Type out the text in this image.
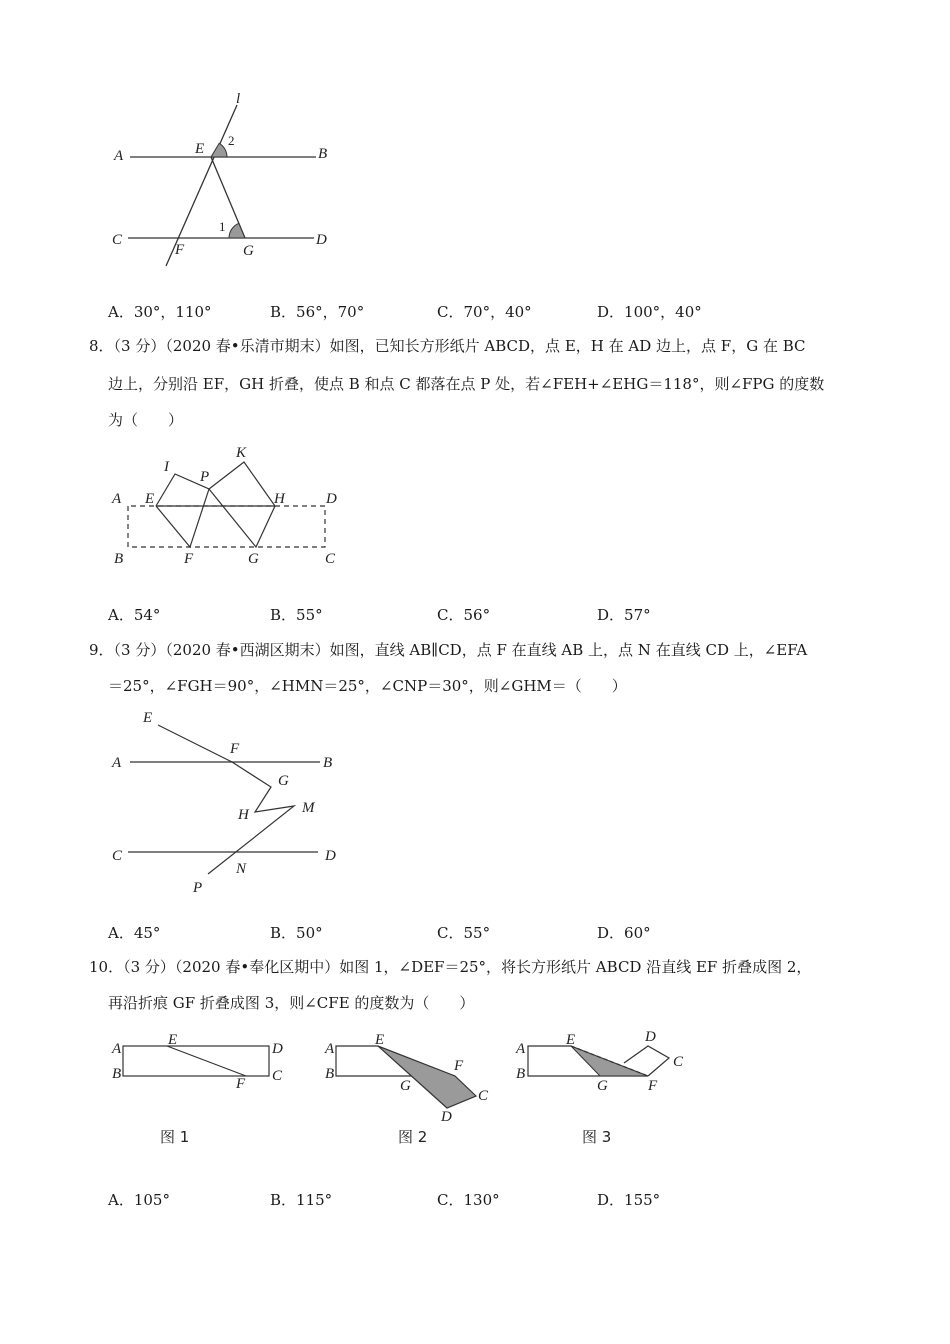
l
A	E
2
B
C
1
D
F	G
A．30°，110°	B．56°，70°	C．70°，40°	D．100°，40°
8．（3 分）（2020 春•乐清市期末）如图，已知长方形纸片 ABCD，点 E，H 在 AD 边上，点 F，G 在 BC
边上，分别沿 EF，GH 折叠，使点 B 和点 C 都落在点 P 处，若∠FEH+∠EHG＝118°，则∠FPG 的度数
为（　　）
I
K
P
A E	H	D
B	F	G	C
A．54°	B．55°	C．56°	D．57°
9．（3 分）（2020 春•西湖区期末）如图，直线 AB∥CD，点 F 在直线 AB 上，点 N 在直线 CD 上，∠EFA
＝25°，∠FGH＝90°，∠HMN＝25°，∠CNP＝30°，则∠GHM＝（　　）
E
F
A	B
G
H	M
C	D
N
P
A．45°	B．50°	C．55°	D．60°
10．（3 分）（2020 春•奉化区期中）如图 1，∠DEF＝25°，将长方形纸片 ABCD 沿直线 EF 折叠成图 2，
再沿折痕 GF 折叠成图 3，则∠CFE 的度数为（　　）
A
E
D
B
F C
图 1
A
E
F
B
G
C
D
图 2
A
E	D
C
B
G	F
图 3
A．105°	B．115°	C．130°	D．155°
